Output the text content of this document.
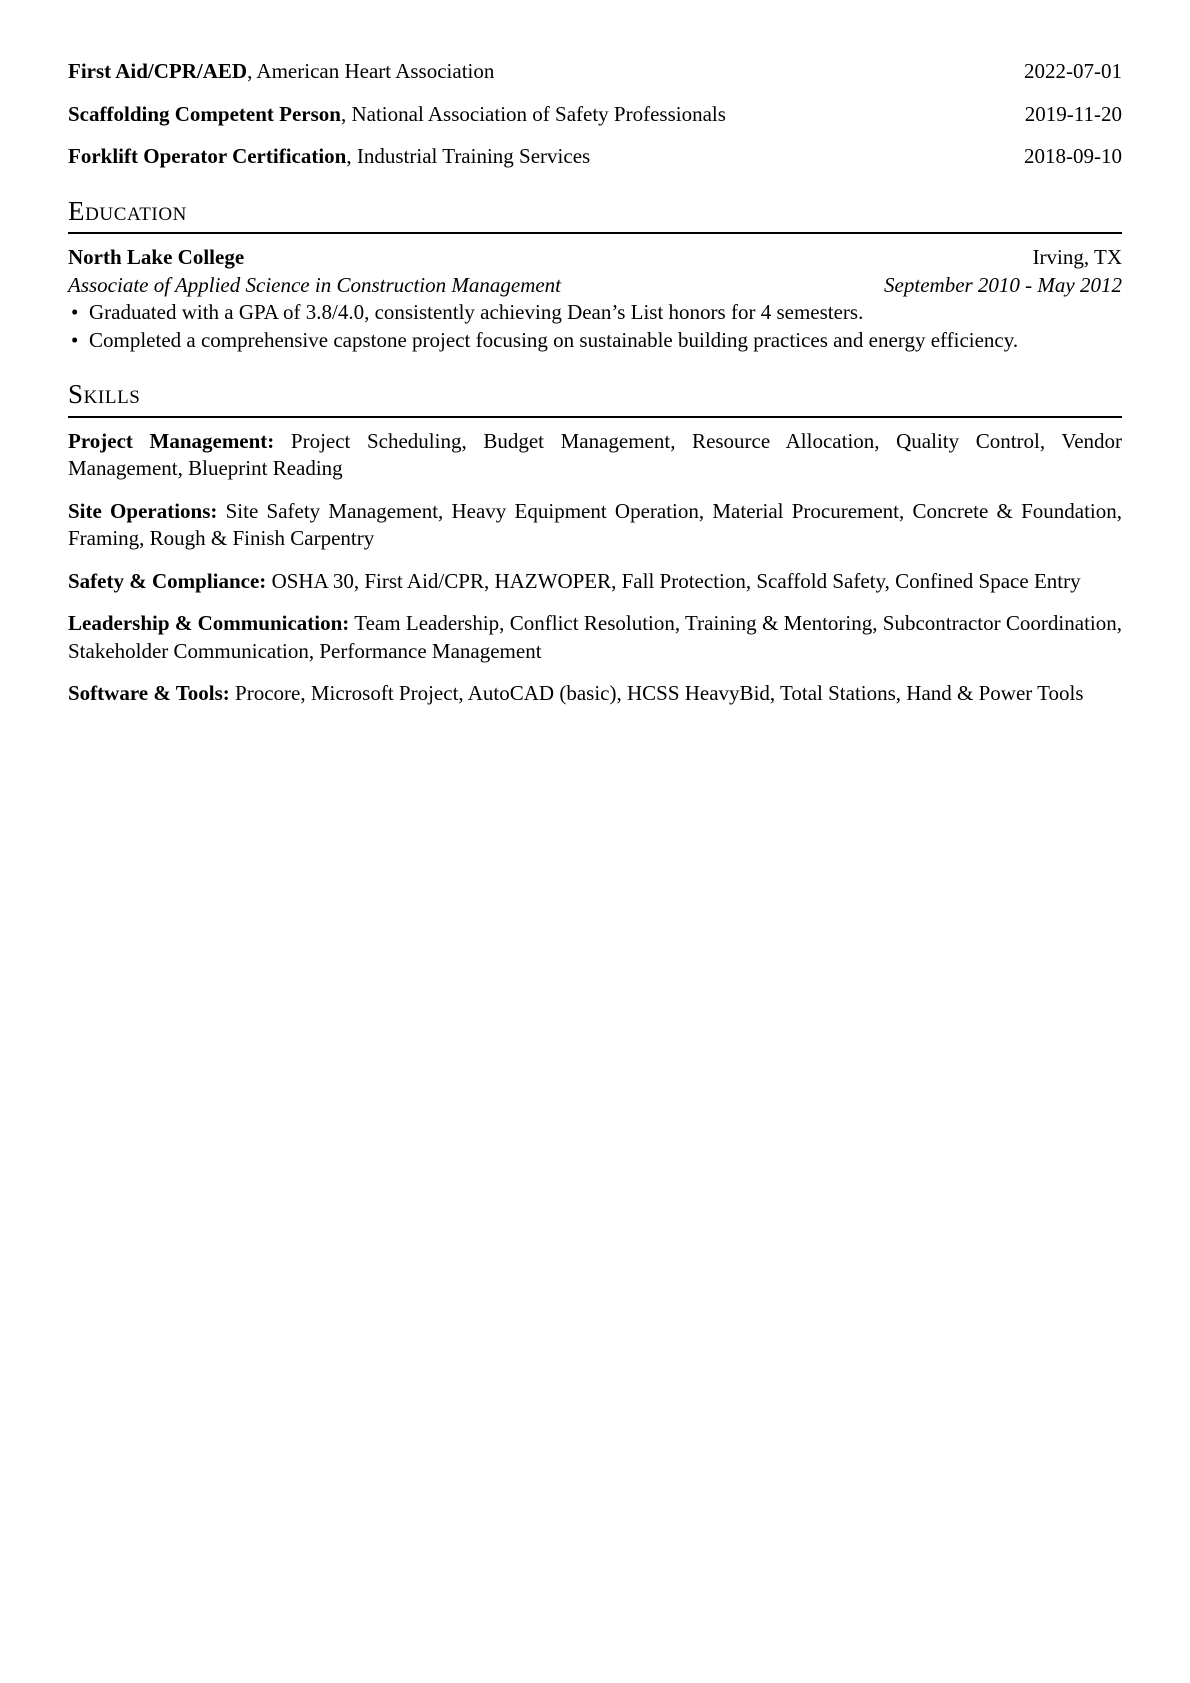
First Aid/CPR/AED, American Heart Association	2022-07-01
Scaffolding Competent Person, National Association of Safety Professionals	2019-11-20
Forklift Operator Certification, Industrial Training Services	2018-09-10
Education
North Lake College	Irving, TX
Associate of Applied Science in Construction Management	September 2010 - May 2012
• Graduated with a GPA of 3.8/4.0, consistently achieving Dean’s List honors for 4 semesters.
• Completed a comprehensive capstone project focusing on sustainable building practices and energy efficiency.
Skills

Project Management: Project Scheduling, Budget Management, Resource Allocation, Quality Control, Vendor Management, Blueprint Reading

Site Operations: Site Safety Management, Heavy Equipment Operation, Material Procurement, Concrete & Foundation, Framing, Rough & Finish Carpentry

Safety & Compliance: OSHA 30, First Aid/CPR, HAZWOPER, Fall Protection, Scaffold Safety, Confined Space Entry

Leadership & Communication: Team Leadership, Conflict Resolution, Training & Mentoring, Subcontractor Coordination, Stakeholder Communication, Performance Management

Software & Tools: Procore, Microsoft Project, AutoCAD (basic), HCSS HeavyBid, Total Stations, Hand & Power Tools
